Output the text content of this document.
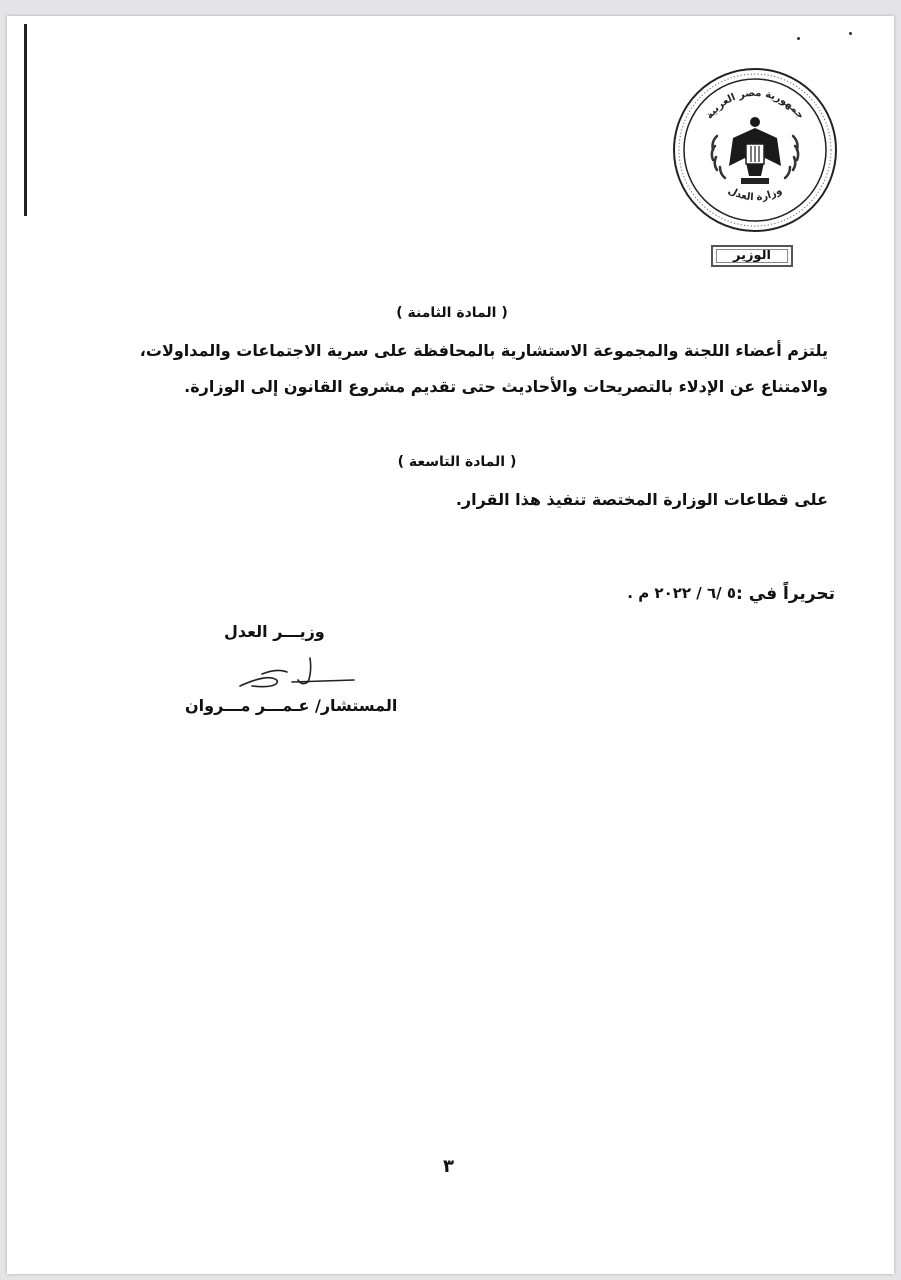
جمهورية مصر العربية
وزارة العدل
الوزير
( المادة الثامنة )
يلتزم أعضاء اللجنة والمجموعة الاستشارية بالمحافظة على سرية الاجتماعات والمداولات،
والامتناع عن الإدلاء بالتصريحات والأحاديث حتى تقديم مشروع القانون إلى الوزارة.
( المادة التاسعة )
على قطاعات الوزارة المختصة تنفيذ هذا القرار.
تحريراً في :
٥ /٦ / ٢٠٢٢ م .
وزيـــر العدل
المستشار/ عـمـــر مـــروان
٣
